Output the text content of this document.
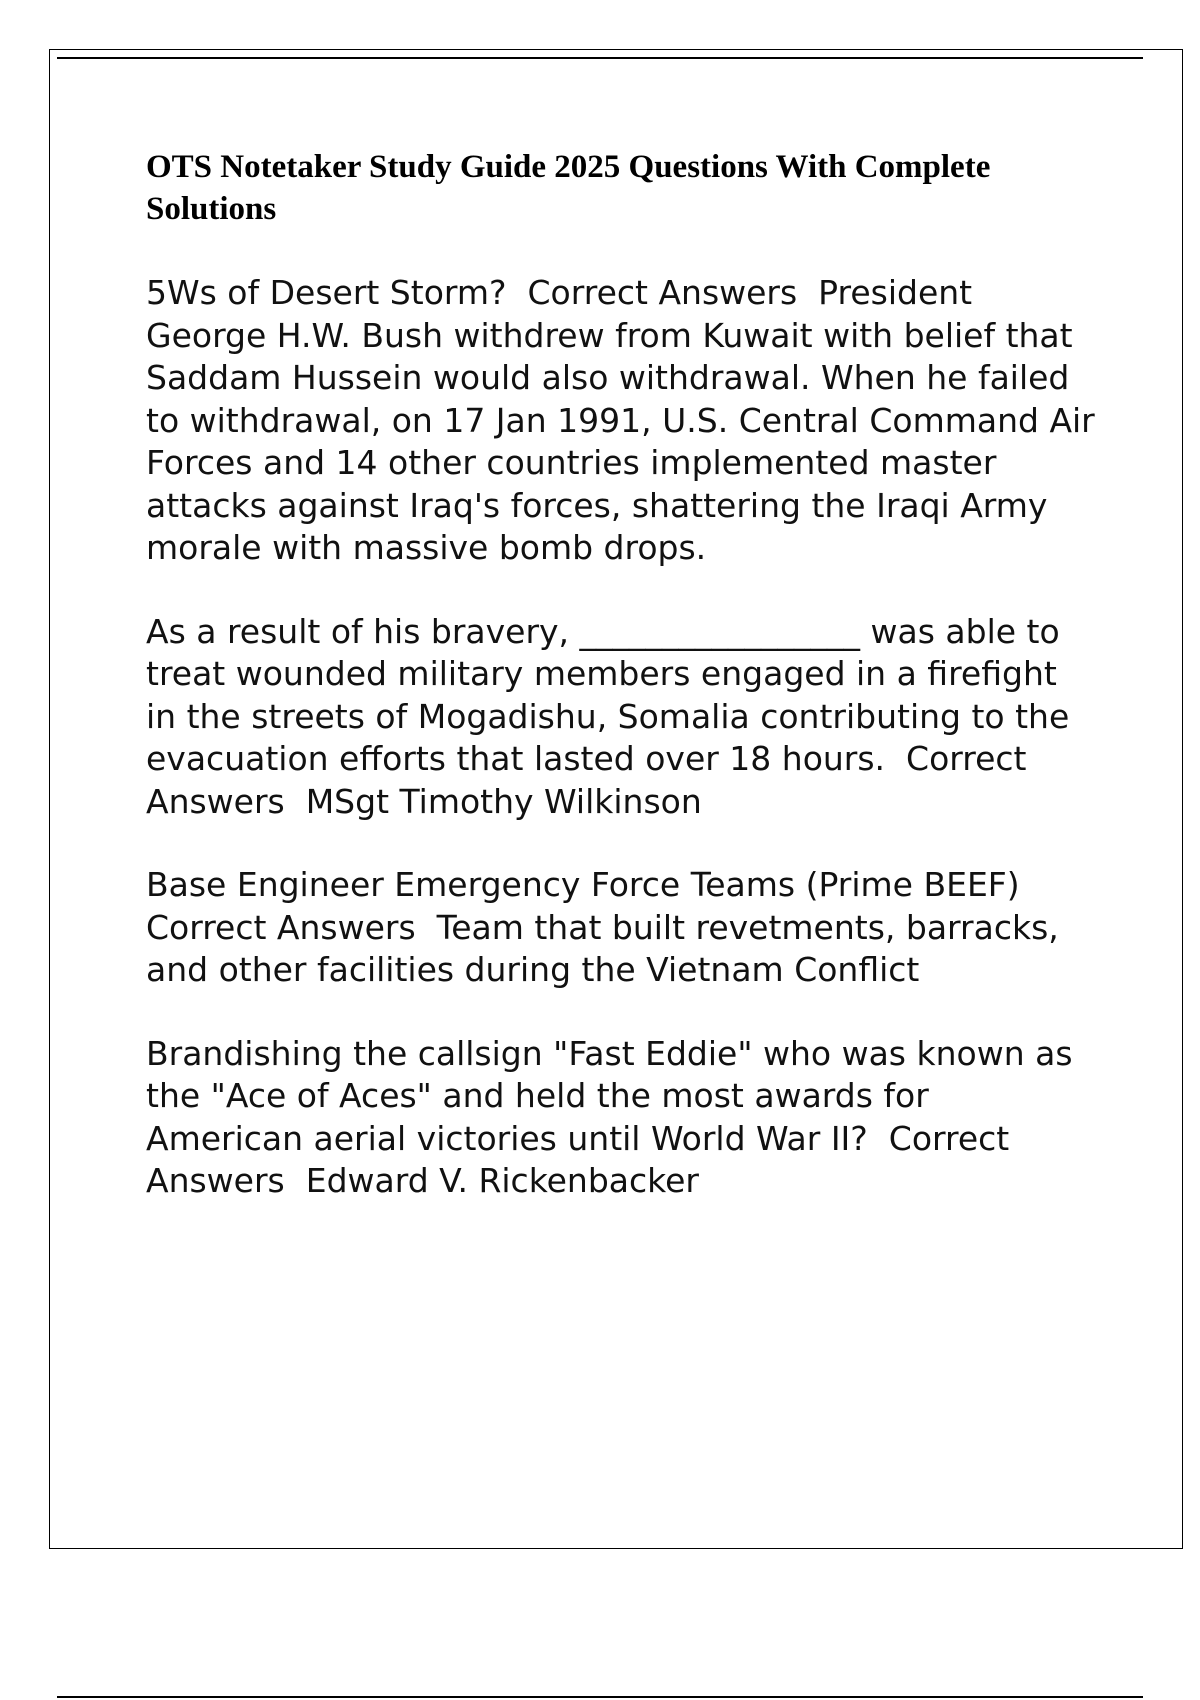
OTS Notetaker Study Guide 2025 Questions With Complete Solutions

5Ws of Desert Storm?  Correct Answers  President George H.W. Bush withdrew from Kuwait with belief that Saddam Hussein would also withdrawal. When he failed to withdrawal, on 17 Jan 1991, U.S. Central Command Air Forces and 14 other countries implemented master attacks against Iraq's forces, shattering the Iraqi Army morale with massive bomb drops.

As a result of his bravery, _________________ was able to treat wounded military members engaged in a firefight in the streets of Mogadishu, Somalia contributing to the evacuation efforts that lasted over 18 hours.  Correct Answers  MSgt Timothy Wilkinson

Base Engineer Emergency Force Teams (Prime BEEF)  Correct Answers  Team that built revetments, barracks, and other facilities during the Vietnam Conflict

Brandishing the callsign "Fast Eddie" who was known as the "Ace of Aces" and held the most awards for American aerial victories until World War II?  Correct Answers  Edward V. Rickenbacker
